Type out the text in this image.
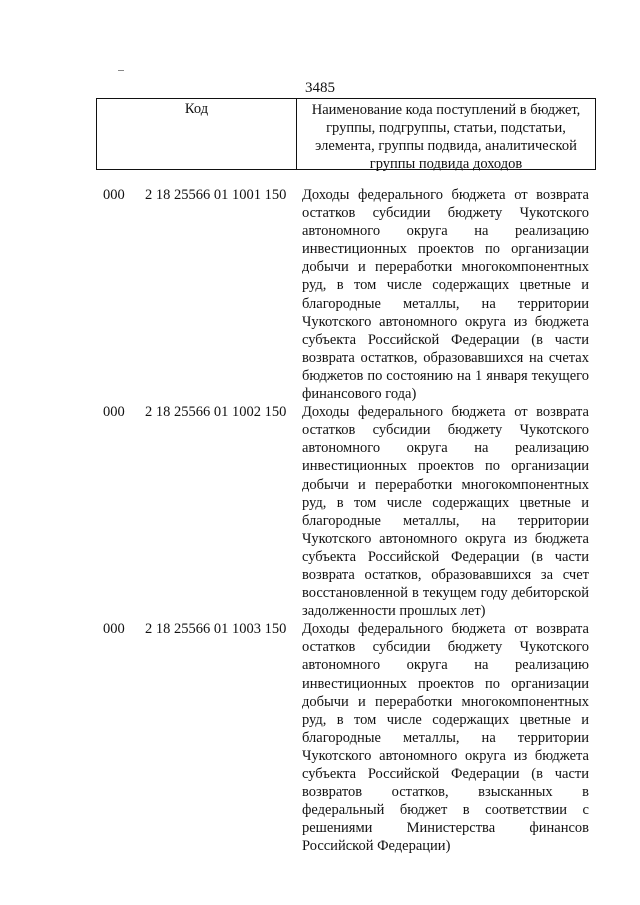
3485
Код	Наименование кода поступлений в бюджет, группы, подгруппы, статьи, подстатьи, элемента, группы подвида, аналитической группы подвида доходов
000 2 18 25566 01 1001 150 Доходы федерального бюджета от возврата остатков субсидии бюджету Чукотского автономного округа на реализацию инвестиционных проектов по организации добычи и переработки многокомпонентных руд, в том числе содержащих цветные и благородные металлы, на территории Чукотского автономного округа из бюджета субъекта Российской Федерации (в части возврата остатков, образовавшихся на счетах бюджетов по состоянию на 1 января текущего финансового года)
000 2 18 25566 01 1002 150 Доходы федерального бюджета от возврата остатков субсидии бюджету Чукотского автономного округа на реализацию инвестиционных проектов по организации добычи и переработки многокомпонентных руд, в том числе содержащих цветные и благородные металлы, на территории Чукотского автономного округа из бюджета субъекта Российской Федерации (в части возврата остатков, образовавшихся за счет восстановленной в текущем году дебиторской задолженности прошлых лет)
000 2 18 25566 01 1003 150 Доходы федерального бюджета от возврата остатков субсидии бюджету Чукотского автономного округа на реализацию инвестиционных проектов по организации добычи и переработки многокомпонентных руд, в том числе содержащих цветные и благородные металлы, на территории Чукотского автономного округа из бюджета субъекта Российской Федерации (в части возвратов остатков, взысканных в федеральный бюджет в соответствии с решениями Министерства финансов Российской Федерации)
